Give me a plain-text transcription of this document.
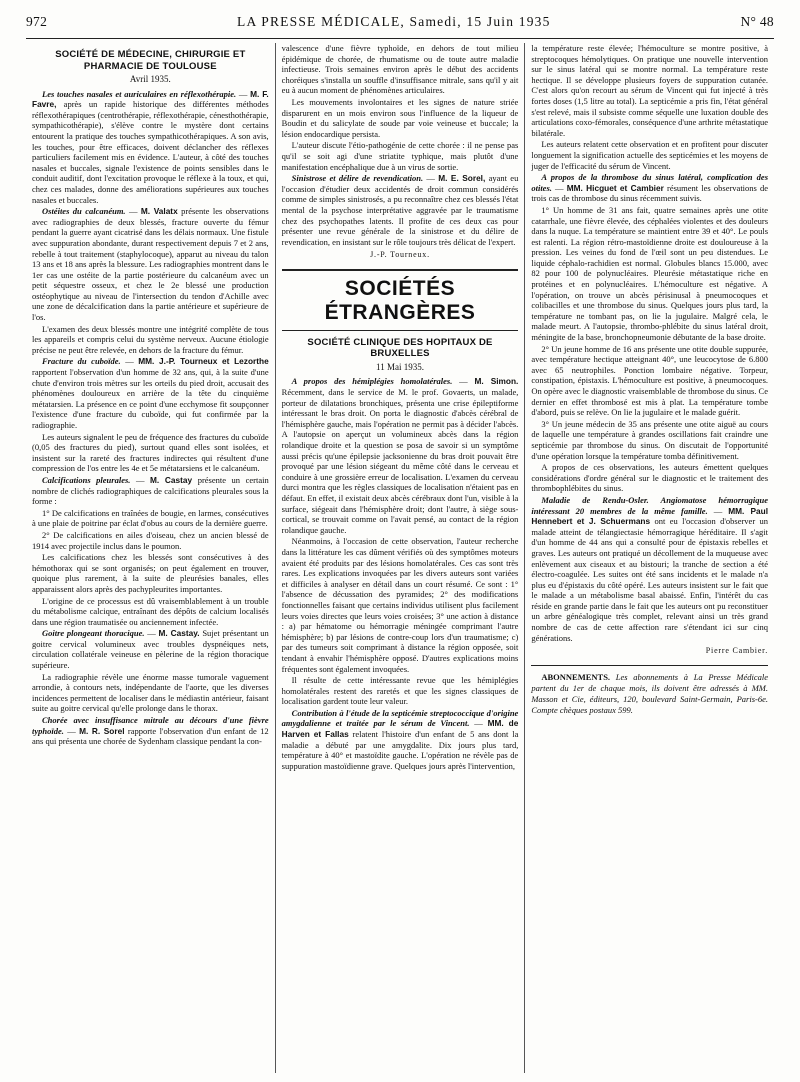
972	LA PRESSE MÉDICALE, Samedi, 15 Juin 1935	N° 48
SOCIÉTÉ DE MÉDECINE, CHIRURGIE ET PHARMACIE DE TOULOUSE

Avril 1935.

Les touches nasales et auriculaires en réflexothérapie. — M. F. Favre, après un rapide historique des différentes méthodes réflexothérapiques (centrothérapie, réflexothérapie, cénesthothérapie, sympathicothérapie), s'élève contre le mystère dont certains entourent la pratique des touches sympathicothérapiques. A son avis, les touches, pour être efficaces, doivent déclancher des réflexes particuliers facilement mis en évidence. L'auteur, à côté des touches nasales et buccales, signale l'existence de points sensibles dans le conduit auditif, dont l'excitation provoque le réflexe à la toux, et qui, chez ces malades, donne des améliorations supérieures aux touches nasales et buccales.

Ostéites du calcanéum. — M. Valatx présente les observations avec radiographies de deux blessés, fracture ouverte du fémur pendant la guerre ayant cicatrisé dans les délais normaux. Une fistule avec suppuration abondante, durant respectivement depuis 7 et 2 ans, rebelle à tout traitement (staphylocoque), apparut au niveau du talon 13 ans et 18 ans après la blessure. Les radiographies montrent dans le 1er cas une ostéite de la partie postérieure du calcanéum avec un petit séquestre osseux, et chez le 2e blessé une production ostéophytique au niveau de l'intersection du tendon d'Achille avec une zone de décalcification dans la partie antérieure et supérieure de l'os.

L'examen des deux blessés montre une intégrité complète de tous les appareils et compris celui du système nerveux. Aucune étiologie précise ne peut être relevée, en dehors de la fracture du fémur.

Fracture du cuboïde. — MM. J.-P. Tourneux et Lezorthe rapportent l'observation d'un homme de 32 ans, qui, à la suite d'une chute d'environ trois mètres sur les orteils du pied droit, accusait des phénomènes douloureux en arrière de la tête du cinquième métatarsien. La présence en ce point d'une ecchymose fit soupçonner l'existence d'une fracture du cuboïde, qui fut confirmée par la radiographie.

Les auteurs signalent le peu de fréquence des fractures du cuboïde (0,05 des fractures du pied), surtout quand elles sont isolées, et insistent sur la rareté des fractures indirectes qui résultent d'une compression de l'os entre les 4e et 5e métatarsiens et le calcanéum.

Calcifications pleurales. — M. Castay présente un certain nombre de clichés radiographiques de calcifications pleurales sous la forme :

1° De calcifications en traînées de bougie, en larmes, consécutives à une plaie de poitrine par éclat d'obus au cours de la dernière guerre.

2° De calcifications en ailes d'oiseau, chez un ancien blessé de 1914 avec projectile inclus dans le poumon.

Les calcifications chez les blessés sont consécutives à des hémothorax qui se sont organisés; on peut également en trouver, quoique plus rarement, à la suite de pleurésies banales, elles apparaissent alors après des pachypleurites importantes.

L'origine de ce processus est dû vraisemblablement à un trouble du métabolisme calcique, entraînant des dépôts de calcium localisés dans une région traumatisée ou anciennement infectée.

Goitre plongeant thoracique. — M. Castay. Sujet présentant un goitre cervical volumineux avec troubles dyspnéiques nets, circulation collatérale veineuse en pèlerine de la région thoracique supérieure.

La radiographie révèle une énorme masse tumorale vaguement arrondie, à contours nets, indépendante de l'aorte, que les diverses incidences permettent de localiser dans le médiastin antérieur, faisant suite au goitre cervical qu'elle prolonge dans le thorax.

Chorée avec insuffisance mitrale au décours d'une fièvre typhoïde. — M. R. Sorel rapporte l'observation d'un enfant de 12 ans qui présenta une chorée de Sydenham classique pendant la con-

valescence d'une fièvre typhoïde, en dehors de tout milieu épidémique de chorée, de rhumatisme ou de toute autre maladie infectieuse. Trois semaines environ après le début des accidents choréiques s'installa un souffle d'insuffisance mitrale, sans qu'il y ait eu à aucun moment de phénomènes articulaires.

Les mouvements involontaires et les signes de nature striée disparurent en un mois environ sous l'influence de la liqueur de Boudin et du salicylate de soude par voie veineuse et buccale; la lésion endocardique persista.

L'auteur discute l'étio-pathogénie de cette chorée : il ne pense pas qu'il se soit agi d'une striatite typhique, mais plutôt d'une manifestation encéphalique due à un virus de sortie.

Sinistrose et délire de revendication. — M. E. Sorel, ayant eu l'occasion d'étudier deux accidentés de droit commun considérés comme de simples sinistrosés, a pu reconnaître chez ces blessés l'état mental de la psychose interprétative aggravée par le traumatisme chez des psychopathes latents. Il profite de ces deux cas pour présenter une revue générale de la sinistrose et du délire de revendication, en insistant sur le rôle toujours très délicat de l'expert.

J.-P. Tourneux.

SOCIÉTÉS ÉTRANGÈRES
SOCIÉTÉ CLINIQUE DES HOPITAUX DE BRUXELLES

11 Mai 1935.

A propos des hémiplégies homolatérales. — M. Simon. Récemment, dans le service de M. le prof. Govaerts, un malade, porteur de dilatations bronchiques, présenta une crise épileptiforme intéressant le bras droit. On porta le diagnostic d'abcès cérébral de l'hémisphère gauche, mais l'opération ne permit pas à décider l'abcès. A l'autopsie on aperçut un volumineux abcès dans la région rolandique droite et la question se posa de savoir si un symptôme aussi précis qu'une épilepsie jacksonienne du bras droit pouvait être provoqué par une lésion siégeant du même côté dans le cerveau et conduire à une grossière erreur de localisation. L'examen du cerveau durci montra que les règles classiques de localisation n'étaient pas en défaut. En effet, il existait deux abcès cérébraux dont l'un, visible à la surface, siégeait dans l'hémisphère droit; dont l'autre, à siège sous-cortical, se trouvait comme on l'avait pensé, au contact de la région rolandique gauche.

Néanmoins, à l'occasion de cette observation, l'auteur recherche dans la littérature les cas dûment vérifiés où des symptômes moteurs avaient été produits par des lésions homolatérales. Ces cas sont très rares. Les explications invoquées par les divers auteurs sont variées et difficiles à analyser en détail dans un court résumé. Ce sont : 1° l'absence de décussation des pyramides; 2° des modifications fonctionnelles faisant que certains individus utilisent plus facilement leurs voies directes que leurs voies croisées; 3° une action à distance : a) par hématome ou hémorragie méningée comprimant l'autre hémisphère; b) par lésions de contre-coup lors d'un traumatisme; c) par des tumeurs soit comprimant à distance la région opposée, soit tendant à envahir l'hémisphère opposé. D'autres explications moins fréquentes sont également invoquées.

Il résulte de cette intéressante revue que les hémiplégies homolatérales restent des raretés et que les signes classiques de localisation gardent toute leur valeur.

Contribution à l'étude de la septicémie streptococcique d'origine amygdalienne et traitée par le sérum de Vincent. — MM. de Harven et Fallas relatent l'histoire d'un enfant de 5 ans dont la maladie a débuté par une amygdalite. Dix jours plus tard, température à 40° et mastoïdite gauche. L'opération ne révèle pas de suppuration mastoïdienne grave. Quelques jours après l'intervention,

la température reste élevée; l'hémoculture se montre positive, à streptocoques hémolytiques. On pratique une nouvelle intervention sur le sinus latéral qui se montre normal. La température reste hectique. Il se développe plusieurs foyers de suppuration cutanée. C'est alors qu'on recourt au sérum de Vincent qui fut injecté à très fortes doses (1,5 litre au total). La septicémie a pris fin, l'état général s'est relevé, mais il subsiste comme séquelle une luxation double des articulations coxo-fémorales, conséquence d'une arthrite métastatique bilatérale.

Les auteurs relatent cette observation et en profitent pour discuter longuement la signification actuelle des septicémies et les moyens de juger de l'efficacité du sérum de Vincent.

A propos de la thrombose du sinus latéral, complication des otites. — MM. Hicguet et Cambier résument les observations de trois cas de thrombose du sinus récemment suivis.

1° Un homme de 31 ans fait, quatre semaines après une otite catarrhale, une fièvre élevée, des céphalées violentes et des douleurs dans la nuque. La température se maintient entre 39 et 40°. Le pouls est ralenti. La région rétro-mastoïdienne droite est douloureuse à la pression. Les veines du fond de l'œil sont un peu distendues. Le liquide céphalo-rachidien est normal. Globules blancs 15.000, avec 82 pour 100 de polynucléaires. Pleurésie métastatique riche en protéines et en polynucléaires. L'hémoculture est négative. A l'opération, on trouve un abcès périsinusal à pneumocoques et colibacilles et une thrombose du sinus. Quelques jours plus tard, la température ne tombant pas, on lie la jugulaire. Malgré cela, le malade meurt. A l'autopsie, thrombo-phlébite du sinus latéral droit, méningite de la base, bronchopneumonie débutante de la base droite.

2° Un jeune homme de 16 ans présente une otite double suppurée, avec température hectique atteignant 40°, une leucocytose de 6.800 avec 65 neutrophiles. Ponction lombaire négative. Torpeur, constipation, épistaxis. L'hémoculture est positive, à pneumocoques. On opère avec le diagnostic vraisemblable de thrombose du sinus. Ce dernier en effet thrombosé est mis à plat. La température tombe d'abord, puis se relève. On lie la jugulaire et le malade guérit.

3° Un jeune médecin de 35 ans présente une otite aiguë au cours de laquelle une température à grandes oscillations fait craindre une septicémie par thrombose du sinus. On discutait de l'opportunité d'une opération lorsque la température tomba définitivement.

A propos de ces observations, les auteurs émettent quelques considérations d'ordre général sur le diagnostic et le traitement des thrombophlébites du sinus.

Maladie de Rendu-Osler. Angiomatose hémorragique intéressant 20 membres de la même famille. — MM. Paul Hennebert et J. Schuermans ont eu l'occasion d'observer un malade atteint de télangiectasie hémorragique héréditaire. Il s'agit d'un homme de 44 ans qui a consulté pour de épistaxis rebelles et graves. Les auteurs ont pratiqué un décollement de la muqueuse avec enlèvement aux ciseaux et au bistouri; la tranche de section a été électro-coagulée. Les suites ont été sans incidents et le malade n'a plus eu d'épistaxis du côté opéré. Les auteurs insistent sur le fait que le malade a un métabolisme basal abaissé. Enfin, l'intérêt du cas réside en grande partie dans le fait que les auteurs ont pu reconstituer un arbre généalogique très complet, relevant ainsi un très grand nombre de cas de cette affection rare s'étendant ici sur cinq générations.

Pierre Cambier.

ABONNEMENTS. Les abonnements à La Presse Médicale partent du 1er de chaque mois, ils doivent être adressés à MM. Masson et Cie, éditeurs, 120, boulevard Saint-Germain, Paris-6e. Compte chèques postaux 599.
